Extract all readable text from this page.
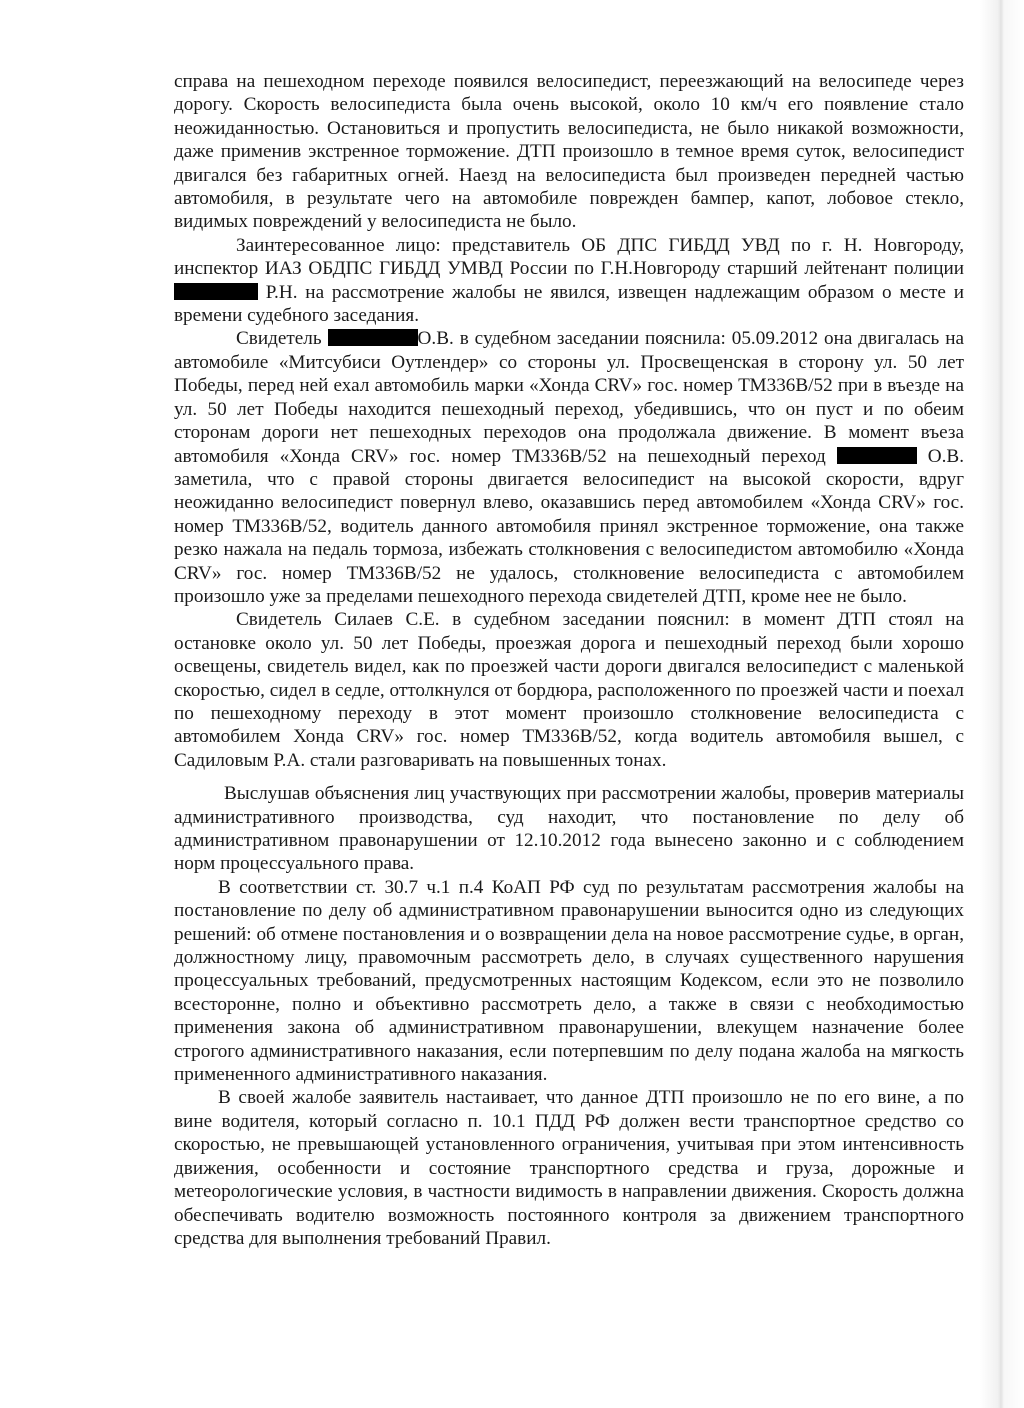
справа на пешеходном переходе появился велосипедист, переезжающий на велосипеде через дорогу. Скорость велосипедиста была очень высокой, около 10 км/ч его появление стало неожиданностью. Остановиться и пропустить велосипедиста, не было никакой возможности, даже применив экстренное торможение. ДТП произошло в темное время суток, велосипедист двигался без габаритных огней. Наезд на велосипедиста был произведен передней частью автомобиля, в результате чего на автомобиле поврежден бампер, капот, лобовое стекло, видимых повреждений у велосипедиста не было.

Заинтересованное лицо: представитель ОБ ДПС ГИБДД УВД по г. Н. Новгороду, инспектор ИАЗ ОБДПС ГИБДД УМВД России по Г.Н.Новгороду старший лейтенант полиции  Р.Н. на рассмотрение жалобы не явился, извещен надлежащим образом о месте и времени судебного заседания.

Свидетель	О.В. в судебном заседании пояснила: 05.09.2012 она двигалась на автомобиле «Митсубиси Оутлендер» со стороны ул. Просвещенская в сторону ул. 50 лет Победы, перед ней ехал автомобиль марки «Хонда CRV» гос. номер ТМ336В/52 при в въезде на ул. 50 лет Победы находится пешеходный переход, убедившись, что он пуст и по обеим сторонам дороги нет пешеходных переходов она продолжала движение. В момент въеза автомобиля «Хонда CRV» гос. номер ТМ336В/52 на пешеходный переход	О.В. заметила, что с правой стороны двигается велосипедист на высокой скорости, вдруг неожиданно велосипедист повернул влево, оказавшись перед автомобилем «Хонда CRV» гос. номер ТМ336В/52, водитель данного автомобиля принял экстренное торможение, она также резко нажала на педаль тормоза, избежать столкновения с велосипедистом автомобилю «Хонда CRV» гос. номер ТМ336В/52 не удалось, столкновение велосипедиста с автомобилем произошло уже за пределами пешеходного перехода свидетелей ДТП, кроме нее не было.

Свидетель Силаев С.Е. в судебном заседании пояснил: в момент ДТП стоял на остановке около ул. 50 лет Победы, проезжая дорога и пешеходный переход были хорошо освещены, свидетель видел, как по проезжей части дороги двигался велосипедист с маленькой скоростью, сидел в седле, оттолкнулся от бордюра, расположенного по проезжей части и поехал по пешеходному переходу в этот момент произошло столкновение велосипедиста с автомобилем Хонда CRV» гос. номер ТМ336В/52, когда водитель автомобиля вышел, с Садиловым Р.А. стали разговаривать на повышенных тонах.

Выслушав объяснения лиц участвующих при рассмотрении жалобы, проверив материалы административного производства, суд находит, что постановление по делу об административном правонарушении от 12.10.2012 года вынесено законно и с соблюдением норм процессуального права.

В соответствии ст. 30.7 ч.1 п.4 КоАП РФ суд по результатам рассмотрения жалобы на постановление по делу об административном правонарушении выносится одно из следующих решений: об отмене постановления и о возвращении дела на новое рассмотрение судье, в орган, должностному лицу, правомочным рассмотреть дело, в случаях существенного нарушения процессуальных требований, предусмотренных настоящим Кодексом, если это не позволило всесторонне, полно и объективно рассмотреть дело, а также в связи с необходимостью применения закона об административном правонарушении, влекущем назначение более строгого административного наказания, если потерпевшим по делу подана жалоба на мягкость примененного административного наказания.

В своей жалобе заявитель настаивает, что данное ДТП произошло не по его вине, а по вине водителя, который согласно п. 10.1 ПДД РФ должен вести транспортное средство со скоростью, не превышающей установленного ограничения, учитывая при этом интенсивность движения, особенности и состояние транспортного средства и груза, дорожные и метеорологические условия, в частности видимость в направлении движения. Скорость должна обеспечивать водителю возможность постоянного контроля за движением транспортного средства для выполнения требований Правил.
